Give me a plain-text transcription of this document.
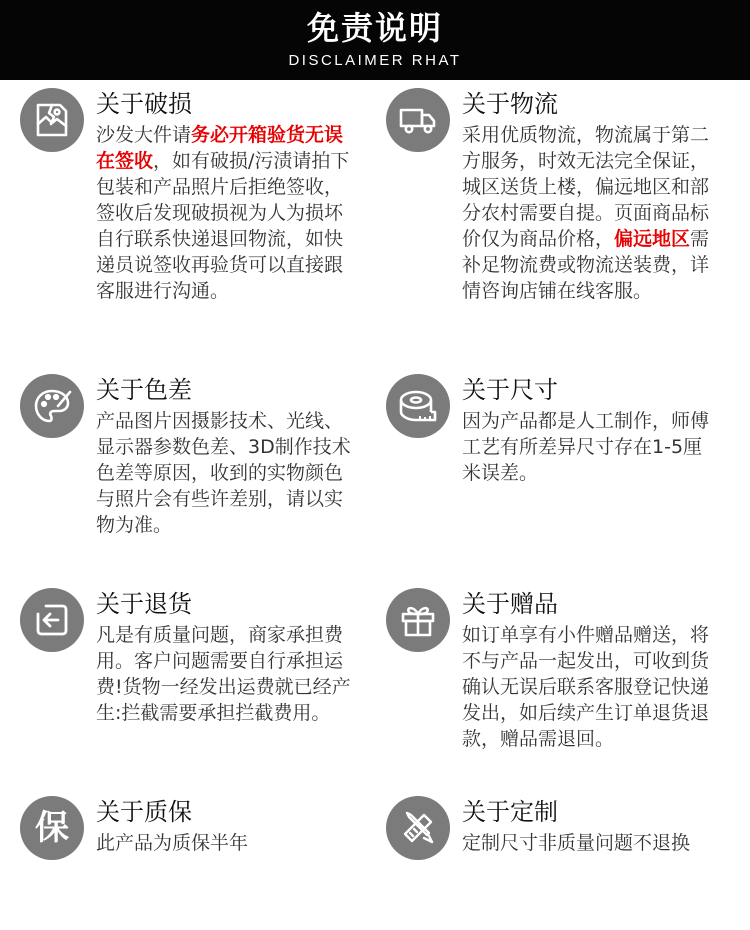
免责说明
DISCLAIMER RHAT
关于破损
沙发大件请务必开箱验货无误
在签收，如有破损/污渍请拍下
包装和产品照片后拒绝签收，
签收后发现破损视为人为损坏
自行联系快递退回物流，如快
递员说签收再验货可以直接跟
客服进行沟通。
关于物流
采用优质物流，物流属于第二
方服务，时效无法完全保证，
城区送货上楼，偏远地区和部
分农村需要自提。页面商品标
价仅为商品价格，偏远地区需
补足物流费或物流送装费，详
情咨询店铺在线客服。
关于色差
产品图片因摄影技术、光线、
显示器参数色差、3D制作技术
色差等原因，收到的实物颜色
与照片会有些许差别，请以实
物为准。
关于尺寸
因为产品都是人工制作，师傅
工艺有所差异尺寸存在1-5厘
米误差。
关于退货
凡是有质量问题，商家承担费
用。客户问题需要自行承担运
费!货物一经发出运费就已经产
生:拦截需要承担拦截费用。
关于赠品
如订单享有小件赠品赠送，将
不与产品一起发出，可收到货
确认无误后联系客服登记快递
发出，如后续产生订单退货退
款，赠品需退回。
保	关于质保
此产品为质保半年
关于定制
定制尺寸非质量问题不退换
